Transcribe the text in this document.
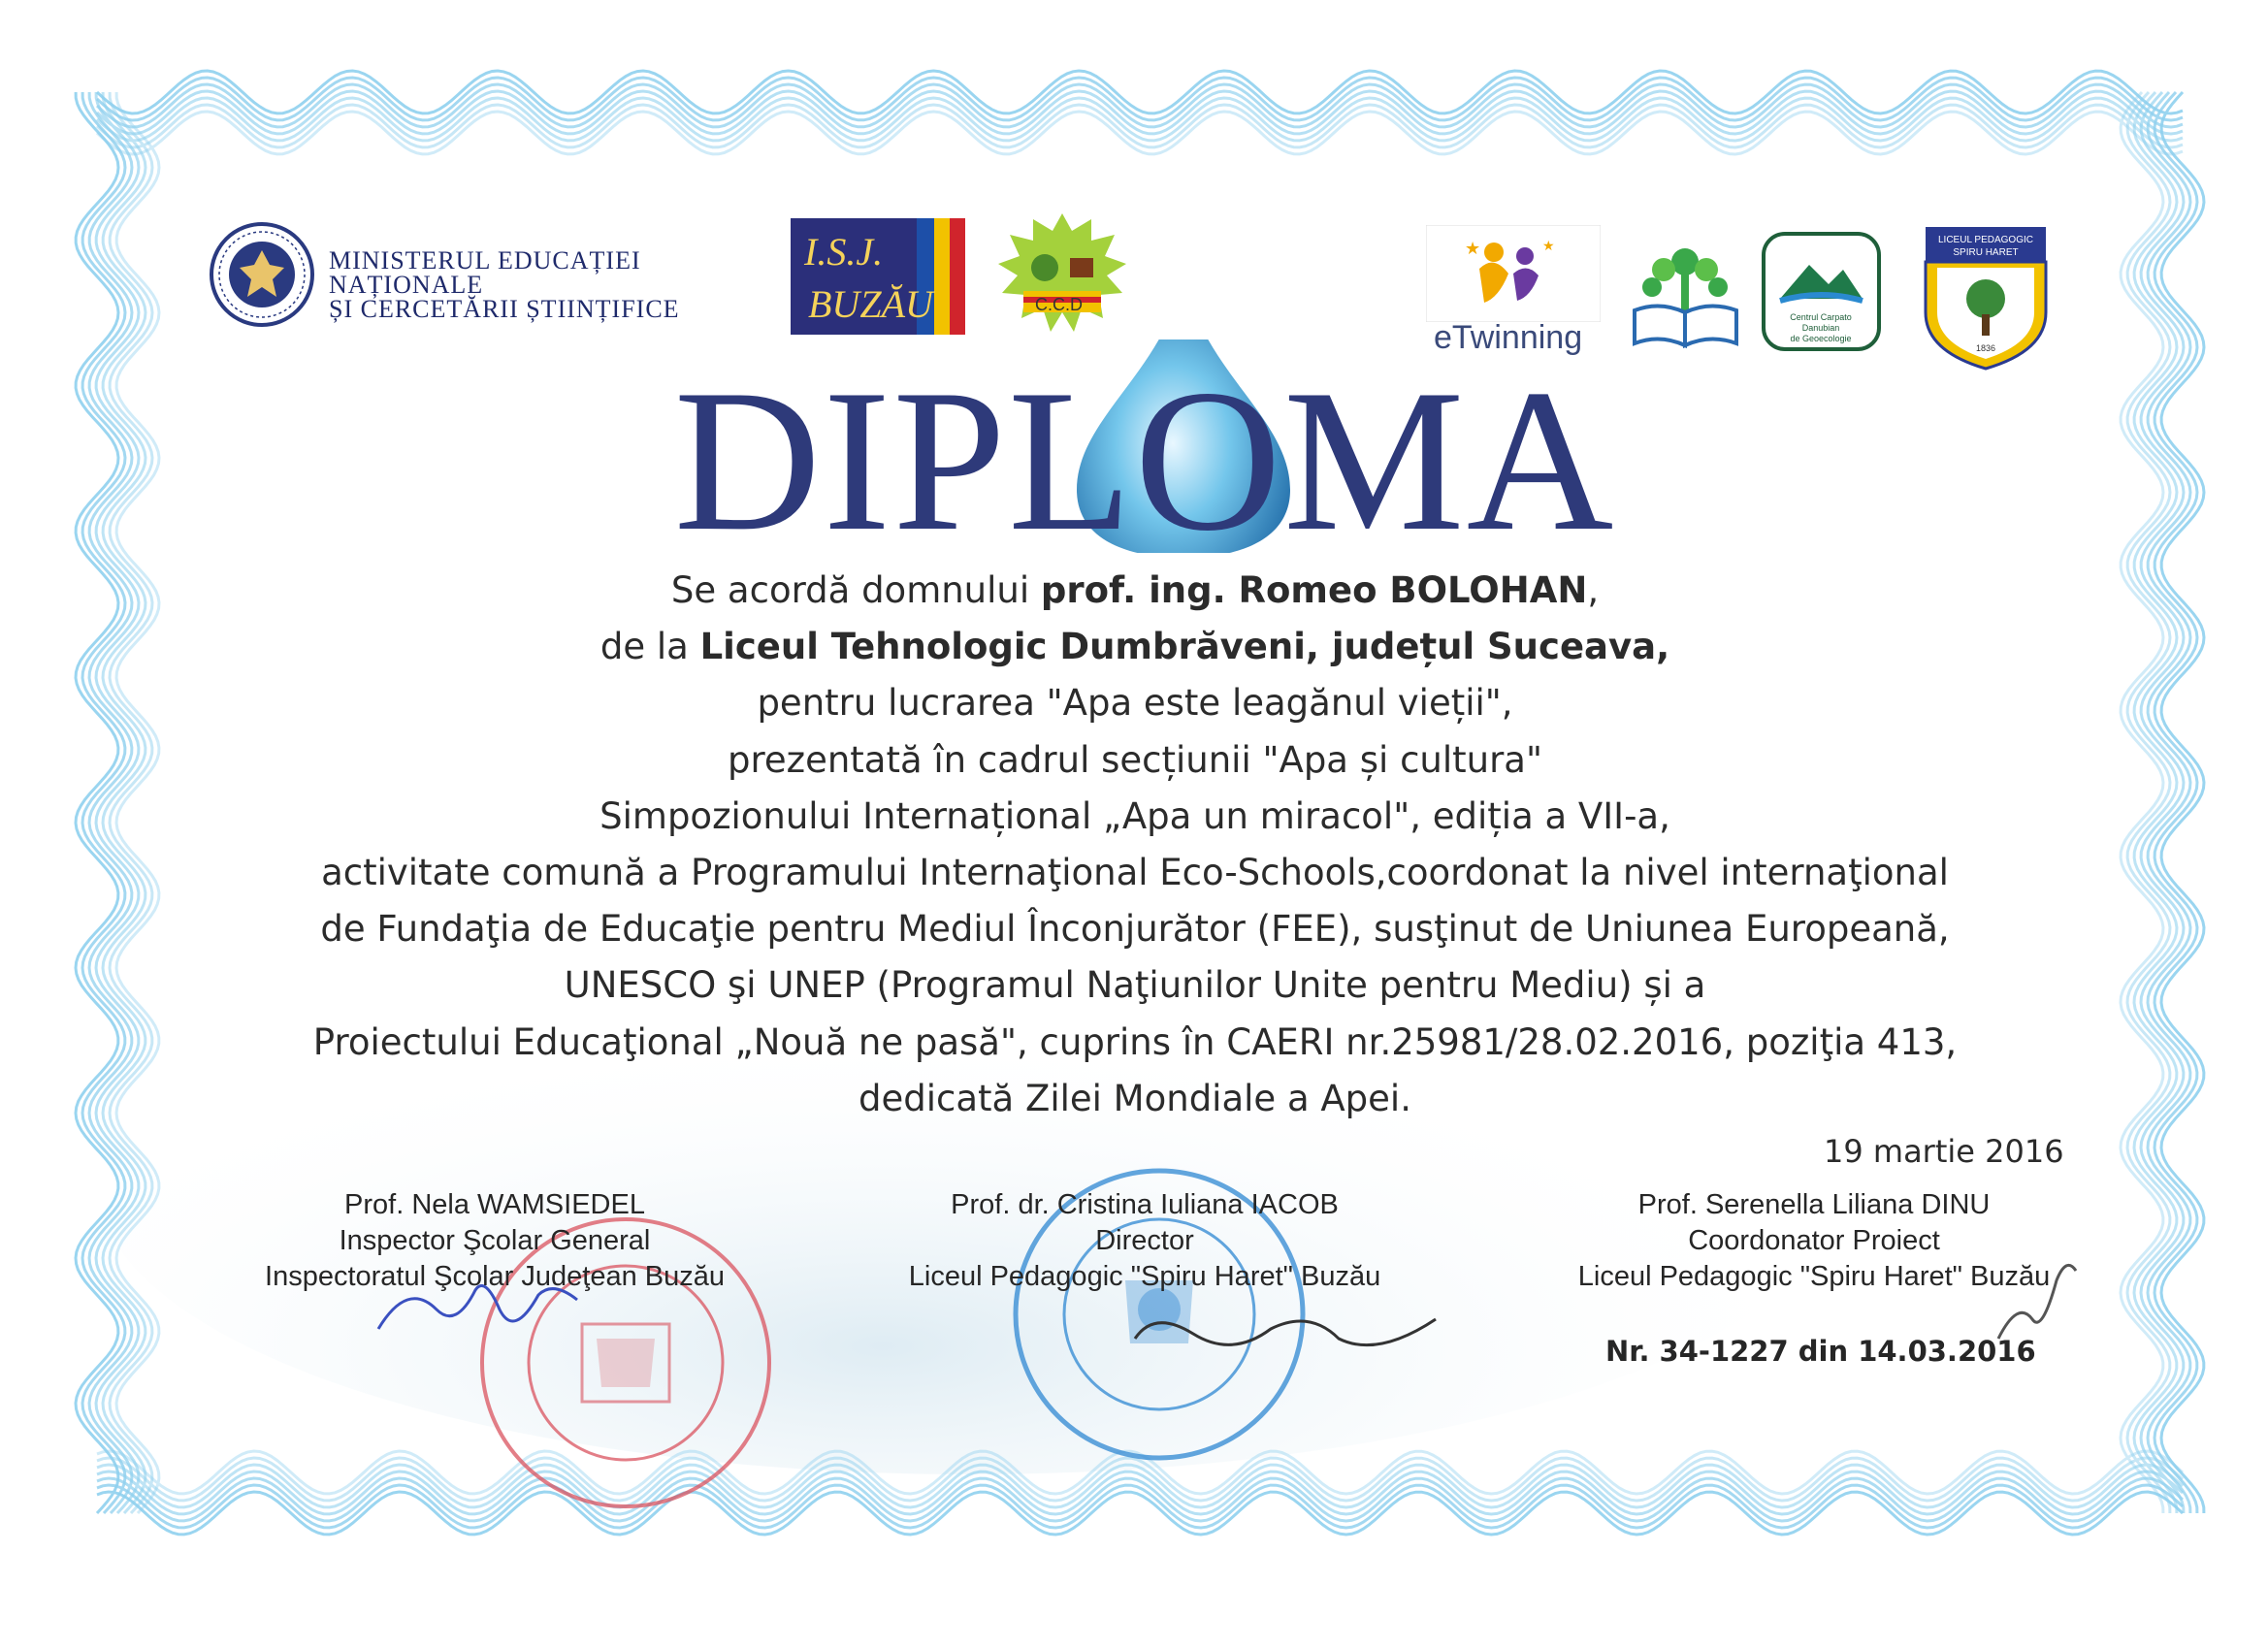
MINISTERUL EDUCAȚIEI NAȚIONALE
ȘI CERCETĂRII ȘTIINȚIFICE
I.S.J.
BUZĂU	C.C.D
★	★
eTwinning
Centrul Carpato
Danubian
de Geoecologie
LICEUL PEDAGOGIC
SPIRU HARET
1836
DIPLOMA
Se acordă domnului prof. ing. Romeo BOLOHAN,
de la Liceul Tehnologic Dumbrăveni, județul Suceava,
pentru lucrarea "Apa este leagănul vieții",
prezentată în cadrul secțiunii "Apa și cultura"
Simpozionului Internațional „Apa un miracol", ediția a VII-a,
activitate comună a Programului Internaţional Eco-Schools,coordonat la nivel internaţional
de Fundaţia de Educaţie pentru Mediul Înconjurător (FEE), susţinut de Uniunea Europeană,
UNESCO şi UNEP (Programul Naţiunilor Unite pentru Mediu) și a
Proiectului Educaţional „Nouă ne pasă", cuprins în CAERI nr.25981/28.02.2016, poziţia 413,
dedicată Zilei Mondiale a Apei.
19 martie 2016
Prof. Nela WAMSIEDEL
Inspector Şcolar General
Inspectoratul Şcolar Judeţean Buzău
Prof. dr. Cristina Iuliana IACOB
Director
Liceul Pedagogic "Spiru Haret" Buzău
Prof. Serenella Liliana DINU
Coordonator Proiect
Liceul Pedagogic "Spiru Haret" Buzău
Nr. 34-1227 din 14.03.2016
